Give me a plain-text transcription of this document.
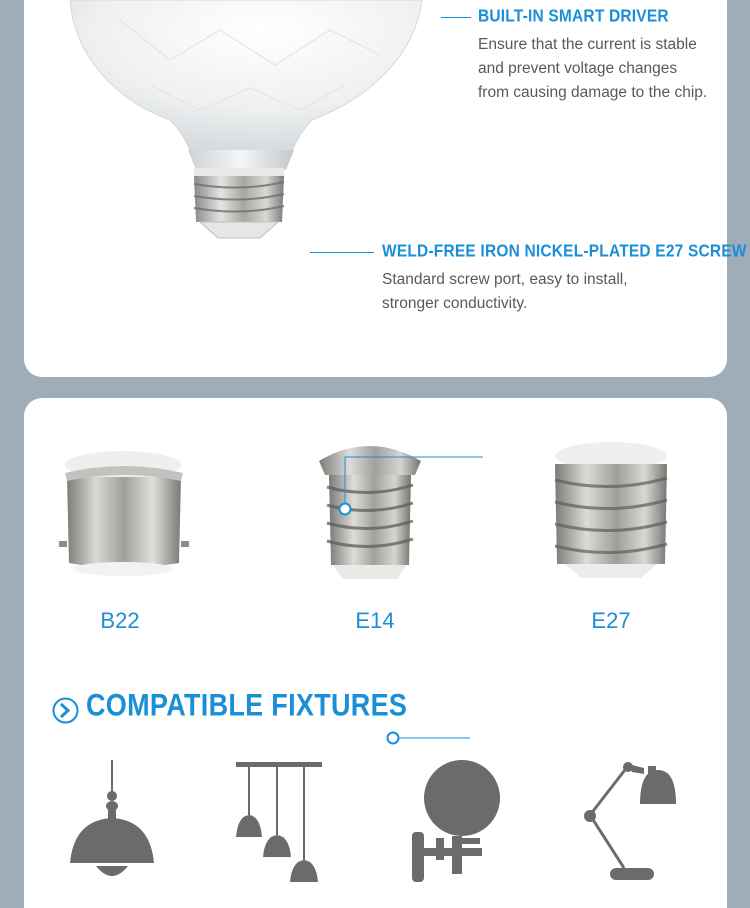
BUILT-IN SMART DRIVER
Ensure that the current is stable
and prevent voltage changes
from causing damage to the chip.
WELD-FREE IRON NICKEL-PLATED E27 SCREW
Standard screw port, easy to install,
stronger conductivity.
B22	E14	E27
COMPATIBLE FIXTURES
